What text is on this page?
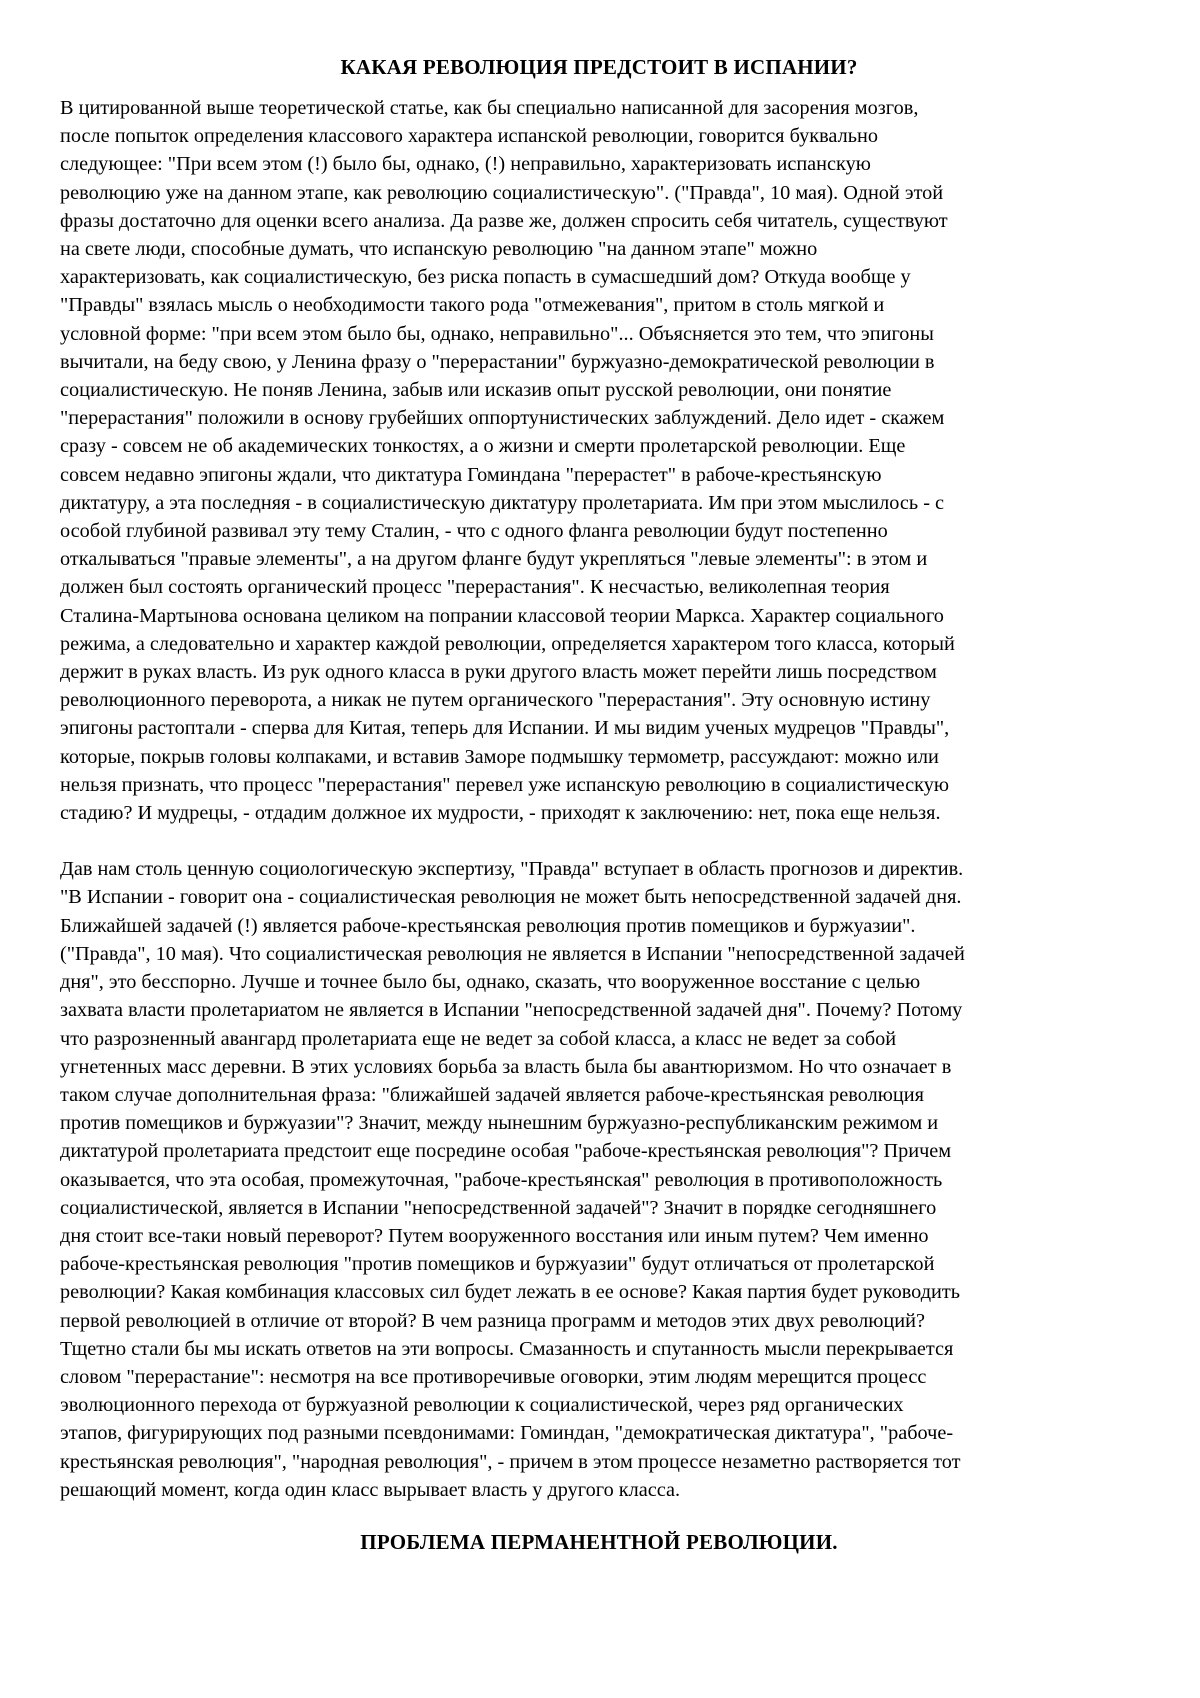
КАКАЯ РЕВОЛЮЦИЯ ПРЕДСТОИТ В ИСПАНИИ?

В цитированной выше теоретической статье, как бы специально написанной для засорения мозгов,
после попыток определения классового характера испанской революции, говорится буквально
следующее: "При всем этом (!) было бы, однако, (!) неправильно, характеризовать испанскую
революцию уже на данном этапе, как революцию социалистическую". ("Правда", 10 мая). Одной этой
фразы достаточно для оценки всего анализа. Да разве же, должен спросить себя читатель, существуют
на свете люди, способные думать, что испанскую революцию "на данном этапе" можно
характеризовать, как социалистическую, без риска попасть в сумасшедший дом? Откуда вообще у
"Правды" взялась мысль о необходимости такого рода "отмежевания", притом в столь мягкой и
условной форме: "при всем этом было бы, однако, неправильно"... Объясняется это тем, что эпигоны
вычитали, на беду свою, у Ленина фразу о "перерастании" буржуазно-демократической революции в
социалистическую. Не поняв Ленина, забыв или исказив опыт русской революции, они понятие
"перерастания" положили в основу грубейших оппортунистических заблуждений. Дело идет - скажем
сразу - совсем не об академических тонкостях, а о жизни и смерти пролетарской революции. Еще
совсем недавно эпигоны ждали, что диктатура Гоминдана "перерастет" в рабоче-крестьянскую
диктатуру, а эта последняя - в социалистическую диктатуру пролетариата. Им при этом мыслилось - с
особой глубиной развивал эту тему Сталин, - что с одного фланга революции будут постепенно
откалываться "правые элементы", а на другом фланге будут укрепляться "левые элементы": в этом и
должен был состоять органический процесс "перерастания". К несчастью, великолепная теория
Сталина-Мартынова основана целиком на попрании классовой теории Маркса. Характер социального
режима, а следовательно и характер каждой революции, определяется характером того класса, который
держит в руках власть. Из рук одного класса в руки другого власть может перейти лишь посредством
революционного переворота, а никак не путем органического "перерастания". Эту основную истину
эпигоны растоптали - сперва для Китая, теперь для Испании. И мы видим ученых мудрецов "Правды",
которые, покрыв головы колпаками, и вставив Заморе подмышку термометр, рассуждают: можно или
нельзя признать, что процесс "перерастания" перевел уже испанскую революцию в социалистическую
стадию? И мудрецы, - отдадим должное их мудрости, - приходят к заключению: нет, пока еще нельзя.

Дав нам столь ценную социологическую экспертизу, "Правда" вступает в область прогнозов и директив.
"В Испании - говорит она - социалистическая революция не может быть непосредственной задачей дня.
Ближайшей задачей (!) является рабоче-крестьянская революция против помещиков и буржуазии".
("Правда", 10 мая). Что социалистическая революция не является в Испании "непосредственной задачей
дня", это бесспорно. Лучше и точнее было бы, однако, сказать, что вооруженное восстание с целью
захвата власти пролетариатом не является в Испании "непосредственной задачей дня". Почему? Потому
что разрозненный авангард пролетариата еще не ведет за собой класса, а класс не ведет за собой
угнетенных масс деревни. В этих условиях борьба за власть была бы авантюризмом. Но что означает в
таком случае дополнительная фраза: "ближайшей задачей является рабоче-крестьянская революция
против помещиков и буржуазии"? Значит, между нынешним буржуазно-республиканским режимом и
диктатурой пролетариата предстоит еще посредине особая "рабоче-крестьянская революция"? Причем
оказывается, что эта особая, промежуточная, "рабоче-крестьянская" революция в противоположность
социалистической, является в Испании "непосредственной задачей"? Значит в порядке сегодняшнего
дня стоит все-таки новый переворот? Путем вооруженного восстания или иным путем? Чем именно
рабоче-крестьянская революция "против помещиков и буржуазии" будут отличаться от пролетарской
революции? Какая комбинация классовых сил будет лежать в ее основе? Какая партия будет руководить
первой революцией в отличие от второй? В чем разница программ и методов этих двух революций?
Тщетно стали бы мы искать ответов на эти вопросы. Смазанность и спутанность мысли перекрывается
словом "перерастание": несмотря на все противоречивые оговорки, этим людям мерещится процесс
эволюционного перехода от буржуазной революции к социалистической, через ряд органических
этапов, фигурирующих под разными псевдонимами: Гоминдан, "демократическая диктатура", "рабоче-
крестьянская революция", "народная революция", - причем в этом процессе незаметно растворяется тот
решающий момент, когда один класс вырывает власть у другого класса.

ПРОБЛЕМА ПЕРМАНЕНТНОЙ РЕВОЛЮЦИИ.
